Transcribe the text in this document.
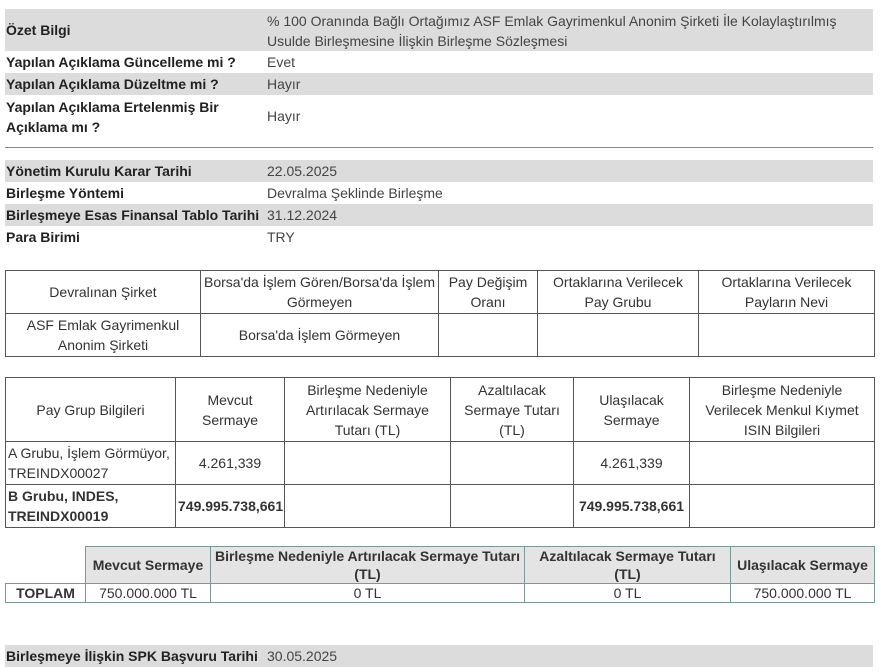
Özet Bilgi
% 100 Oranında Bağlı Ortağımız ASF Emlak Gayrimenkul Anonim Şirketi İle Kolaylaştırılmış Usulde Birleşmesine İlişkin Birleşme Sözleşmesi
Yapılan Açıklama Güncelleme mi ? Evet
Yapılan Açıklama Düzeltme mi ?	Hayır
Yapılan Açıklama Ertelenmiş Bir Açıklama mı ?
Hayır
Yönetim Kurulu Karar Tarihi	22.05.2025
Birleşme Yöntemi	Devralma Şeklinde Birleşme
Birleşmeye Esas Finansal Tablo Tarihi 31.12.2024
Para Birimi	TRY
Devralınan Şirket	Borsa'da İşlem Gören/Borsa'da İşlem Görmeyen	Pay Değişim Oranı	Ortaklarına Verilecek Pay Grubu	Ortaklarına Verilecek Payların Nevi
ASF Emlak Gayrimenkul Anonim Şirketi	Borsa'da İşlem Görmeyen			
Pay Grup Bilgileri	Mevcut Sermaye	Birleşme Nedeniyle Artırılacak Sermaye Tutarı (TL)	Azaltılacak Sermaye Tutarı (TL)	Ulaşılacak Sermaye	Birleşme Nedeniyle Verilecek Menkul Kıymet ISIN Bilgileri
A Grubu, İşlem Görmüyor, TREINDX00027	4.261,339			4.261,339	
B Grubu, INDES, TREINDX00019	749.995.738,661			749.995.738,661	
	Mevcut Sermaye	Birleşme Nedeniyle Artırılacak Sermaye Tutarı (TL)	Azaltılacak Sermaye Tutarı (TL)	Ulaşılacak Sermaye
TOPLAM	750.000.000 TL	0 TL	0 TL	750.000.000 TL
Birleşmeye İlişkin SPK Başvuru Tarihi 30.05.2025
